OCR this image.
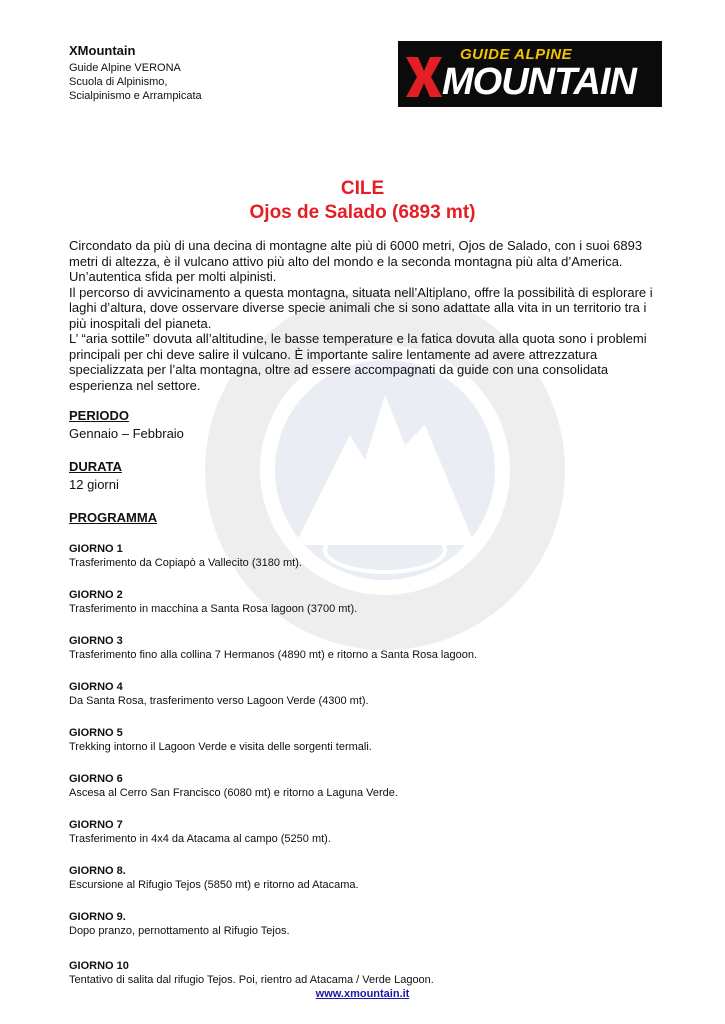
XMountain
Guide Alpine VERONA
Scuola di Alpinismo,
Scialpinismo e Arrampicata
GUIDE ALPINE
MOUNTAIN
CILE
Ojos de Salado (6893 mt)

Circondato da più di una decina di montagne alte più di 6000 metri, Ojos de Salado, con i suoi 6893 metri di altezza, è il vulcano attivo più alto del mondo e la seconda montagna più alta d’America. Un’autentica sfida per molti alpinisti.

Il percorso di avvicinamento a questa montagna, situata nell’Altiplano, offre la possibilità di esplorare i laghi d’altura, dove osservare diverse specie animali che si sono adattate alla vita in un territorio tra i più inospitali del pianeta.

L’ “aria sottile” dovuta all’altitudine, le basse temperature e la fatica dovuta alla quota sono i problemi principali per chi deve salire il vulcano. È importante salire lentamente ad avere attrezzatura specializzata per l’alta montagna, oltre ad essere accompagnati da guide con una consolidata esperienza nel settore.

PERIODO
Gennaio – Febbraio
DURATA
12 giorni
PROGRAMMA
GIORNO 1
Trasferimento da Copiapò a Vallecito (3180 mt).
GIORNO 2
Trasferimento in macchina a Santa Rosa lagoon (3700 mt).
GIORNO 3
Trasferimento fino alla collina 7 Hermanos (4890 mt) e ritorno a Santa Rosa lagoon.
GIORNO 4
Da Santa Rosa, trasferimento verso Lagoon Verde (4300 mt).
GIORNO 5
Trekking intorno il Lagoon Verde e visita delle sorgenti termali.
GIORNO 6
Ascesa al Cerro San Francisco (6080 mt) e ritorno a Laguna Verde.
GIORNO 7
Trasferimento in 4x4 da Atacama al campo (5250 mt).
GIORNO 8.
Escursione al Rifugio Tejos (5850 mt) e ritorno ad Atacama.
GIORNO 9.
Dopo pranzo, pernottamento al Rifugio Tejos.
GIORNO 10
Tentativo di salita dal rifugio Tejos. Poi, rientro ad Atacama / Verde Lagoon.
www.xmountain.it
